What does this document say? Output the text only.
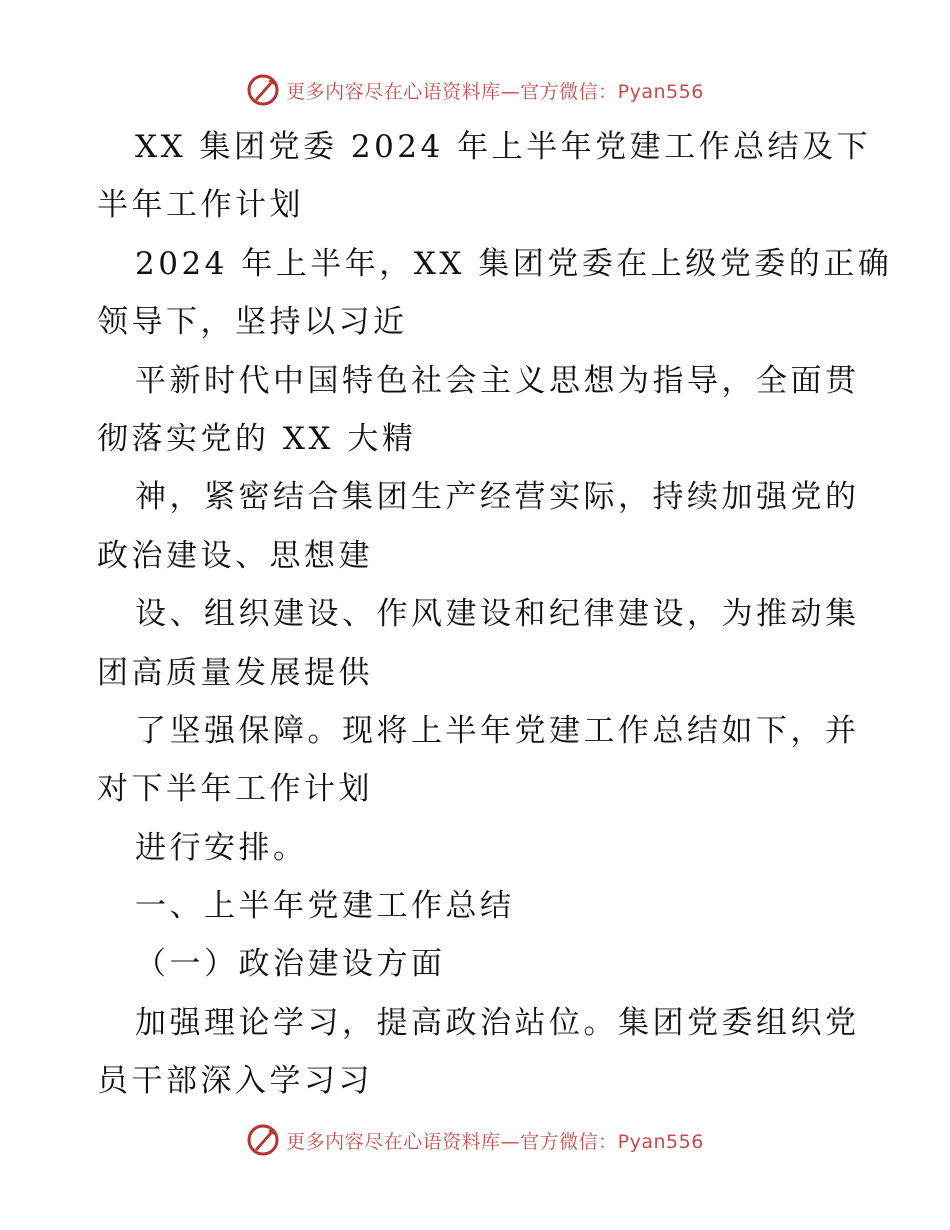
更多内容尽在心语资料库—官方微信：Pyan556
XX 集团党委 2024 年上半年党建工作总结及下
半年工作计划
2024 年上半年，XX 集团党委在上级党委的正确
领导下，坚持以习近
平新时代中国特色社会主义思想为指导，全面贯
彻落实党的 XX 大精
神，紧密结合集团生产经营实际，持续加强党的
政治建设、思想建
设、组织建设、作风建设和纪律建设，为推动集
团高质量发展提供
了坚强保障。现将上半年党建工作总结如下，并
对下半年工作计划
进行安排。
一、上半年党建工作总结
（一）政治建设方面
加强理论学习，提高政治站位。集团党委组织党
员干部深入学习习
更多内容尽在心语资料库—官方微信：Pyan556
